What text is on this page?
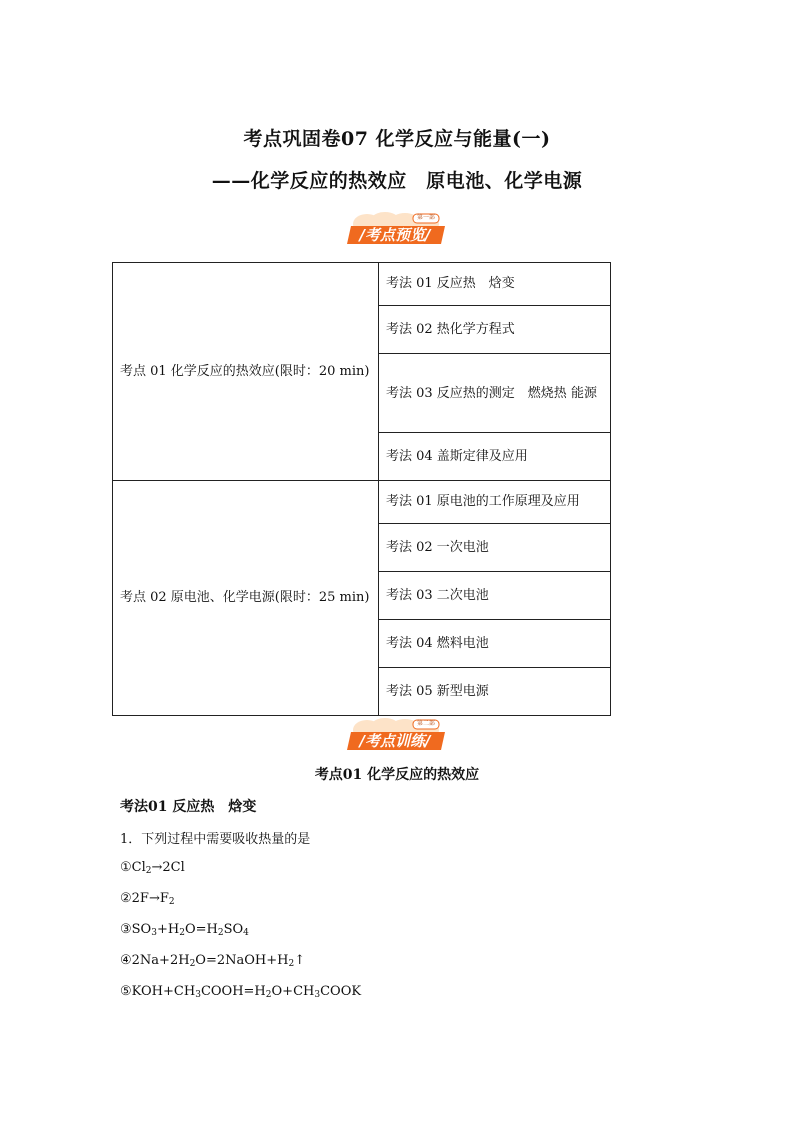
考点巩固卷07 化学反应与能量(一)
——化学反应的热效应　原电池、化学电源
第一部
/考点预览/
考点 01 化学反应的热效应(限时：20 min)	考法 01 反应热　焓变
	考法 02 热化学方程式
	考法 03 反应热的测定　燃烧热 能源
	考法 04 盖斯定律及应用
考点 02 原电池、化学电源(限时：25 min)	考法 01 原电池的工作原理及应用
	考法 02 一次电池
	考法 03 二次电池
	考法 04 燃料电池
	考法 05 新型电源
第二部
/考点训练/
考点01 化学反应的热效应
考法01 反应热　焓变
1．下列过程中需要吸收热量的是
$①Cl_2\to 2Cl$
$②2F\to F_2$
$③SO_3+H_2O=H_2SO_4$
$④2Na+2H_2O=2NaOH+H_2↑$
$⑤KOH+CH_3COOH=H_2O+CH_3COOK$
